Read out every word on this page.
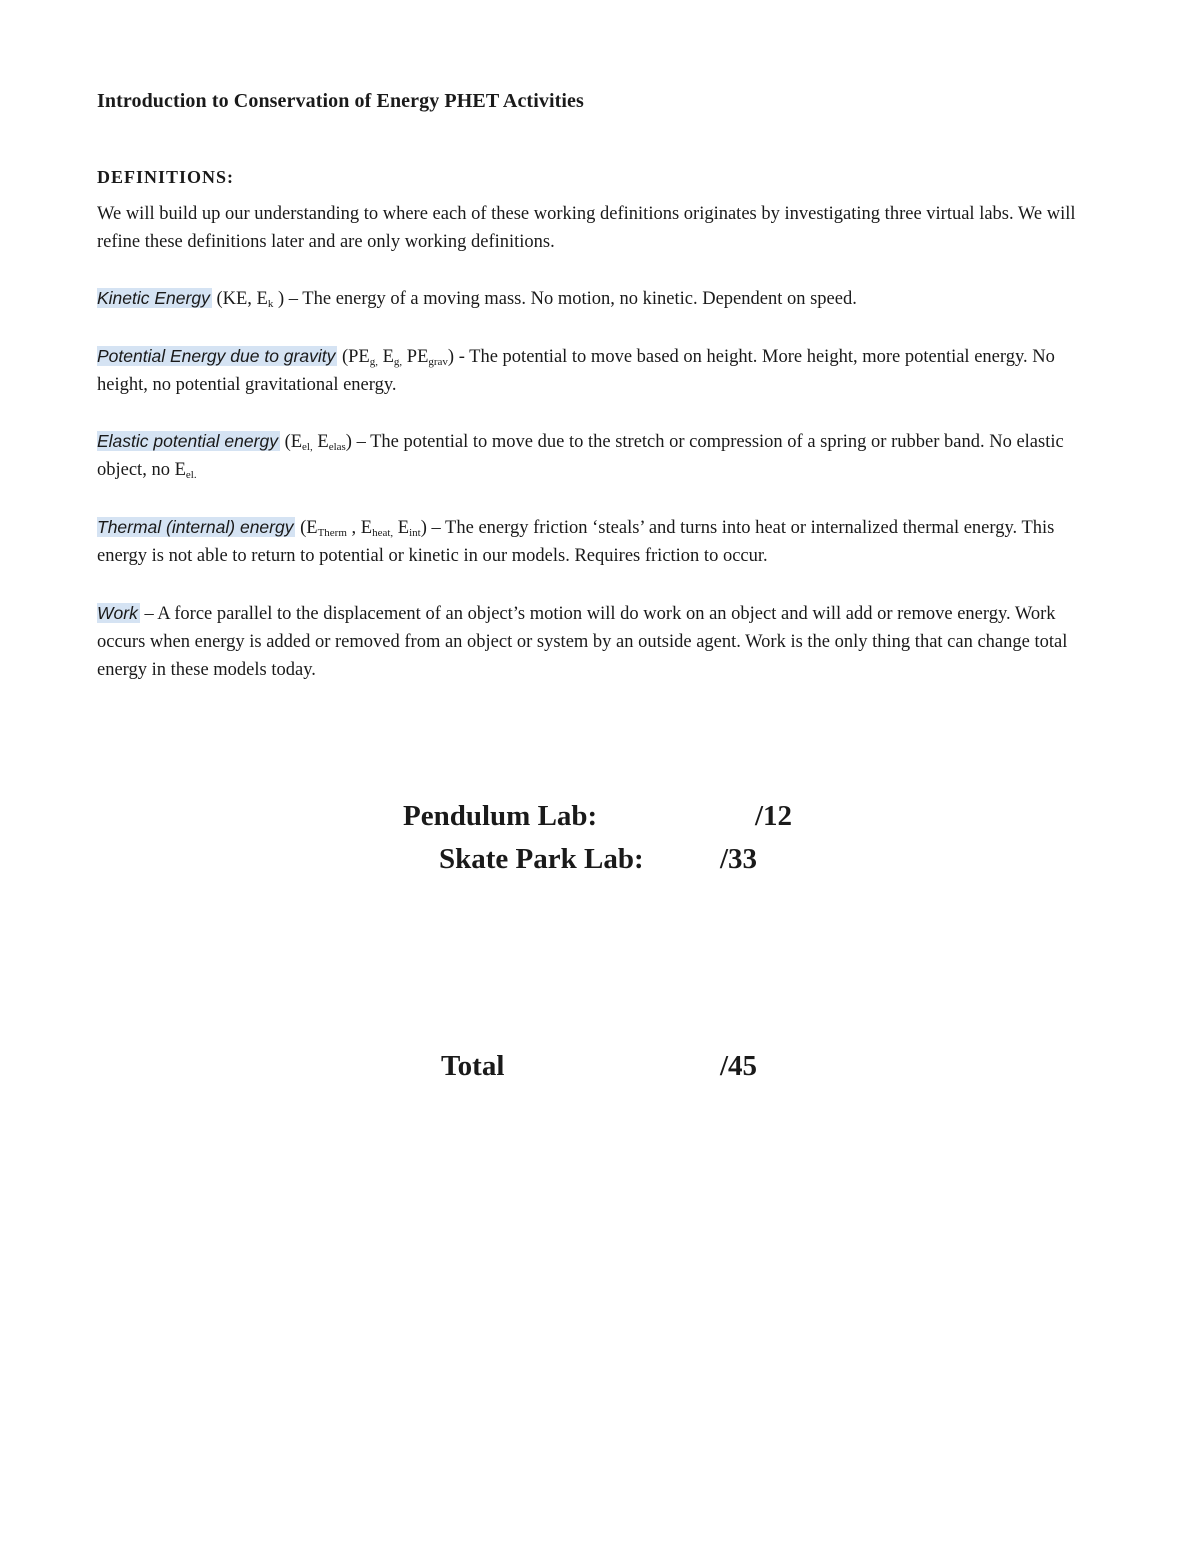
Introduction to Conservation of Energy PHET Activities
DEFINITIONS:
We will build up our understanding to where each of these working definitions originates by investigating three virtual labs. We will refine these definitions later and are only working definitions.
Kinetic Energy (KE, $E_k$ ) – The energy of a moving mass. No motion, no kinetic. Dependent on speed.
Potential Energy due to gravity ($PE_{g,}$ $E_{g,}$ $PE_{grav}$) - The potential to move based on height. More height, more potential energy. No height, no potential gravitational energy.
Elastic potential energy ($E_{el,}$ $E_{elas}$) – The potential to move due to the stretch or compression of a spring or rubber band. No elastic object, no $E_{el.}$
Thermal (internal) energy ($E_{Therm}$ , $E_{heat,}$ $E_{int}$) – The energy friction ‘steals’ and turns into heat or internalized thermal energy. This energy is not able to return to potential or kinetic in our models. Requires friction to occur.
Work – A force parallel to the displacement of an object’s motion will do work on an object and will add or remove energy. Work occurs when energy is added or removed from an object or system by an outside agent. Work is the only thing that can change total energy in these models today.
Pendulum Lab:	/12
Skate Park Lab:	/33
Total	/45
